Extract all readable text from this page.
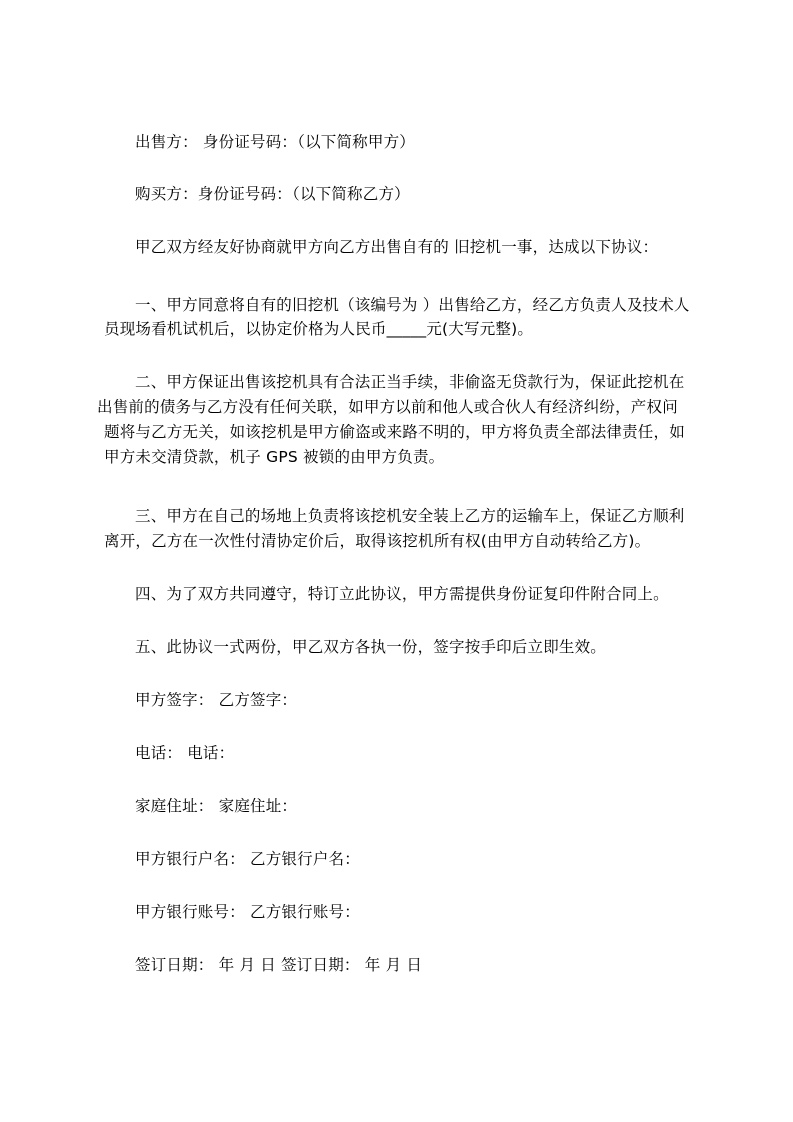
出售方： 身份证号码：（以下简称甲方）
购买方：身份证号码：（以下简称乙方）
甲乙双方经友好协商就甲方向乙方出售自有的 旧挖机一事，达成以下协议：
一、甲方同意将自有的旧挖机（该编号为 ）出售给乙方，经乙方负责人及技术人
员现场看机试机后，以协定价格为人民币_____元(大写元整)。
二、甲方保证出售该挖机具有合法正当手续，非偷盗无贷款行为，保证此挖机在
出售前的债务与乙方没有任何关联，如甲方以前和他人或合伙人有经济纠纷，产权问
题将与乙方无关，如该挖机是甲方偷盗或来路不明的，甲方将负责全部法律责任，如
甲方未交清贷款，机子 GPS 被锁的由甲方负责。
三、甲方在自己的场地上负责将该挖机安全装上乙方的运输车上，保证乙方顺利
离开，乙方在一次性付清协定价后，取得该挖机所有权(由甲方自动转给乙方)。
四、为了双方共同遵守，特订立此协议，甲方需提供身份证复印件附合同上。
五、此协议一式两份，甲乙双方各执一份，签字按手印后立即生效。
甲方签字： 乙方签字：
电话： 电话：
家庭住址： 家庭住址：
甲方银行户名： 乙方银行户名：
甲方银行账号： 乙方银行账号：
签订日期： 年 月 日 签订日期： 年 月 日
